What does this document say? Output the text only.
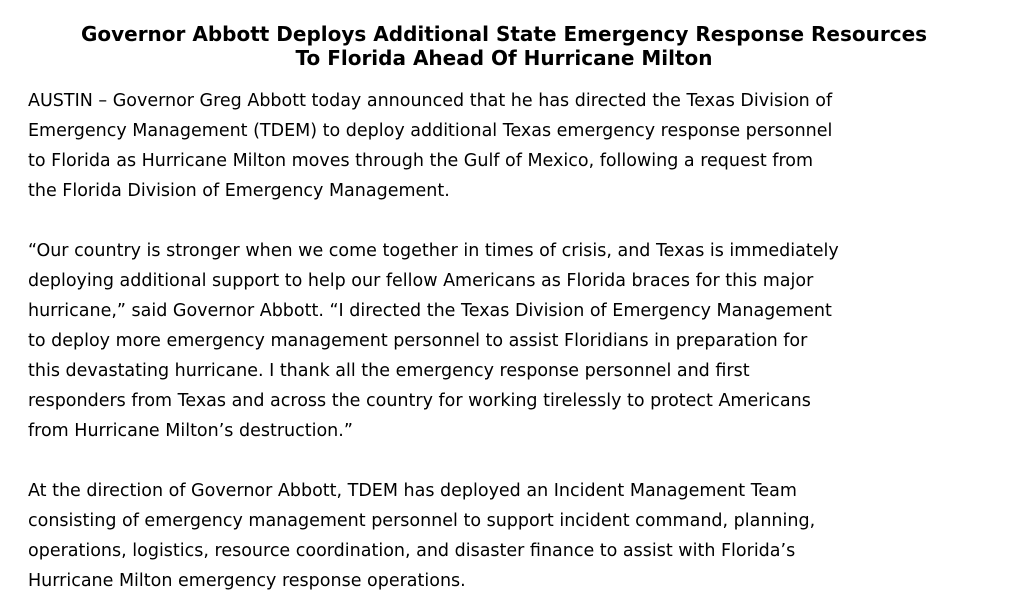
Governor Abbott Deploys Additional State Emergency Response Resources
To Florida Ahead Of Hurricane Milton

AUSTIN – Governor Greg Abbott today announced that he has directed the Texas Division of
Emergency Management (TDEM) to deploy additional Texas emergency response personnel
to Florida as Hurricane Milton moves through the Gulf of Mexico, following a request from
the Florida Division of Emergency Management.

“Our country is stronger when we come together in times of crisis, and Texas is immediately
deploying additional support to help our fellow Americans as Florida braces for this major
hurricane,” said Governor Abbott. “I directed the Texas Division of Emergency Management
to deploy more emergency management personnel to assist Floridians in preparation for
this devastating hurricane. I thank all the emergency response personnel and first
responders from Texas and across the country for working tirelessly to protect Americans
from Hurricane Milton’s destruction.”

At the direction of Governor Abbott, TDEM has deployed an Incident Management Team
consisting of emergency management personnel to support incident command, planning,
operations, logistics, resource coordination, and disaster finance to assist with Florida’s
Hurricane Milton emergency response operations.
